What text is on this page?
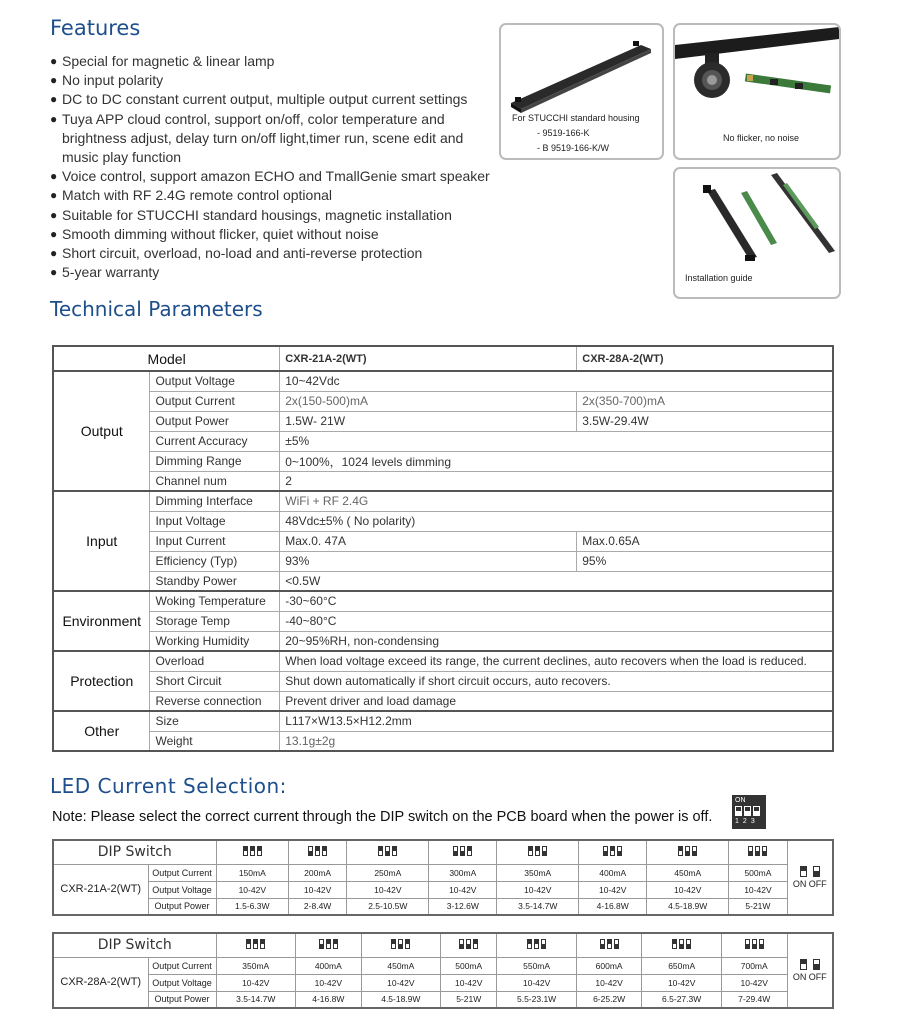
Features
● Special for magnetic & linear lamp
● No input polarity
● DC to DC constant current output, multiple output current settings
● Tuya APP cloud control, support on/off, color temperature and brightness adjust, delay turn on/off light,timer run, scene edit and music play function
● Voice control, support amazon ECHO and TmallGenie smart speaker
● Match with RF 2.4G remote control optional
● Suitable for STUCCHI standard housings, magnetic installation
● Smooth dimming without flicker, quiet without noise
● Short circuit, overload, no-load and anti-reverse protection
● 5-year warranty
For STUCCHI standard housing
- 9519-166-K
- B 9519-166-K/W
No flicker, no noise
Installation guide
Technical Parameters
Model		CXR-21A-2(WT)	CXR-28A-2(WT)
Output	Output Voltage	10~42Vdc	
	Output Current	2x(150-500)mA	2x(350-700)mA
	Output Power	1.5W- 21W	3.5W-29.4W
	Current Accuracy	±5%	
	Dimming Range	0~100%，1024 levels dimming	
	Channel num	2	
Input	Dimming Interface	WiFi + RF 2.4G	
	Input Voltage	48Vdc±5% ( No polarity)	
	Input Current	Max.0. 47A	Max.0.65A
	Efficiency (Typ)	93%	95%
	Standby Power	<0.5W	
Environment	Woking Temperature	-30~60°C	
	Storage Temp	-40~80°C	
	Working Humidity	20~95%RH, non-condensing	
Protection	Overload	When load voltage exceed its range, the current declines, auto recovers when the load is reduced.	
	Short Circuit	Shut down automatically if short circuit occurs, auto recovers.	
	Reverse connection	Prevent driver and load damage	
Other	Size	L117×W13.5×H12.2mm	
	Weight	13.1g±2g	
LED Current Selection:
Note: Please select the correct current through the DIP switch on the PCB board when the power is off.
ON
1 2 3
DIP Switch										ON OFF
CXR-21A-2(WT)	Output Current	150mA	200mA	250mA	300mA	350mA	400mA	450mA	500mA	
	Output Voltage	10-42V	10-42V	10-42V	10-42V	10-42V	10-42V	10-42V	10-42V	
	Output Power	1.5-6.3W	2-8.4W	2.5-10.5W	3-12.6W	3.5-14.7W	4-16.8W	4.5-18.9W	5-21W	
DIP Switch										ON OFF
CXR-28A-2(WT)	Output Current	350mA	400mA	450mA	500mA	550mA	600mA	650mA	700mA	
	Output Voltage	10-42V	10-42V	10-42V	10-42V	10-42V	10-42V	10-42V	10-42V	
	Output Power	3.5-14.7W	4-16.8W	4.5-18.9W	5-21W	5.5-23.1W	6-25.2W	6.5-27.3W	7-29.4W	
